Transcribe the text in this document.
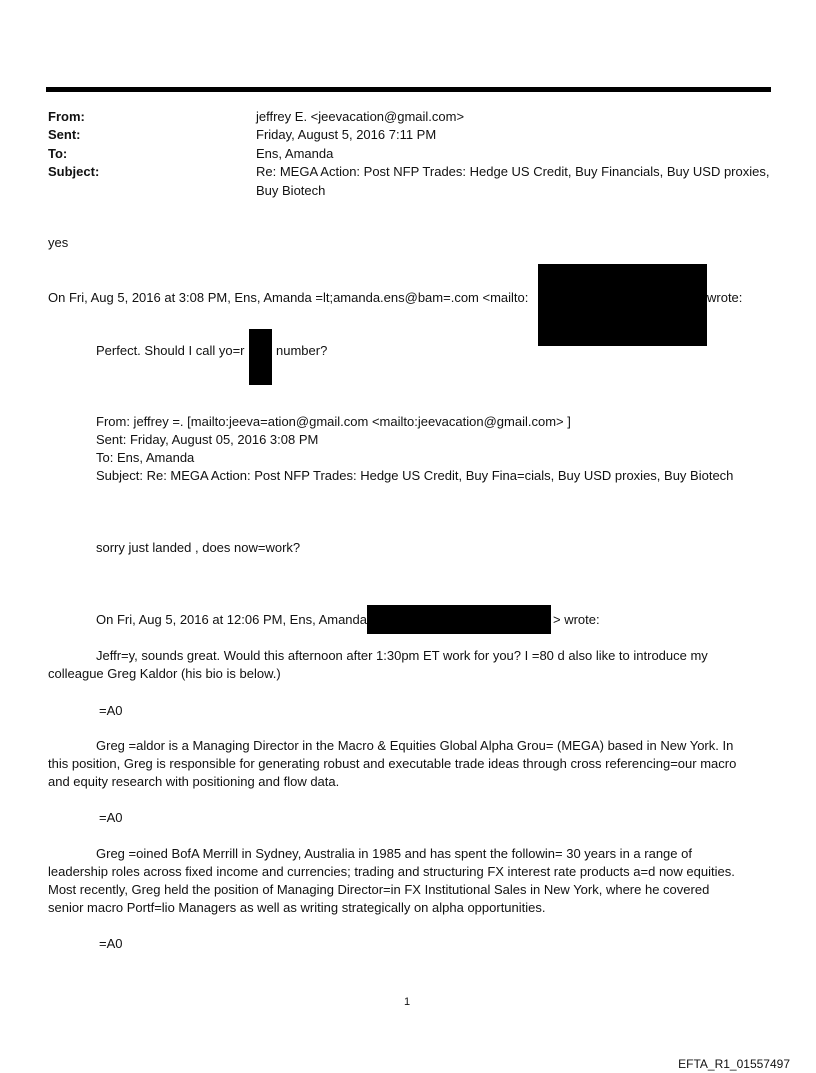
From:	jeffrey E. <jeevacation@gmail.com>
Sent:	Friday, August 5, 2016 7:11 PM
To:	Ens, Amanda
Subject:	Re: MEGA Action: Post NFP Trades: Hedge US Credit, Buy Financials, Buy USD proxies,
Buy Biotech
yes
On Fri, Aug 5, 2016 at 3:08 PM, Ens, Amanda =lt;amanda.ens@bam=.com <mailto:	wrote:
Perfect. Should I call yo=r number?
From: jeffrey =. [mailto:jeeva=ation@gmail.com <mailto:jeevacation@gmail.com> ]
Sent: Friday, August 05, 2016 3:08 PM
To: Ens, Amanda
Subject: Re: MEGA Action: Post NFP Trades: Hedge US Credit, Buy Fina=cials, Buy USD proxies, Buy Biotech
sorry just landed , does now=work?
On Fri, Aug 5, 2016 at 12:06 PM, Ens, Amanda	> wrote:
Jeffr=y, sounds great. Would this afternoon after 1:30pm ET work for you? I =80 d also like to introduce my
colleague Greg Kaldor (his bio is below.)
=A0
Greg =aldor is a Managing Director in the Macro & Equities Global Alpha Grou= (MEGA) based in New York. In
this position, Greg is responsible for generating robust and executable trade ideas through cross referencing=our macro
and equity research with positioning and flow data.
=A0
Greg =oined BofA Merrill in Sydney, Australia in 1985 and has spent the followin= 30 years in a range of
leadership roles across fixed income and currencies; trading and structuring FX interest rate products a=d now equities.
Most recently, Greg held the position of Managing Director=in FX Institutional Sales in New York, where he covered
senior macro Portf=lio Managers as well as writing strategically on alpha opportunities.
=A0
1
EFTA_R1_01557497
